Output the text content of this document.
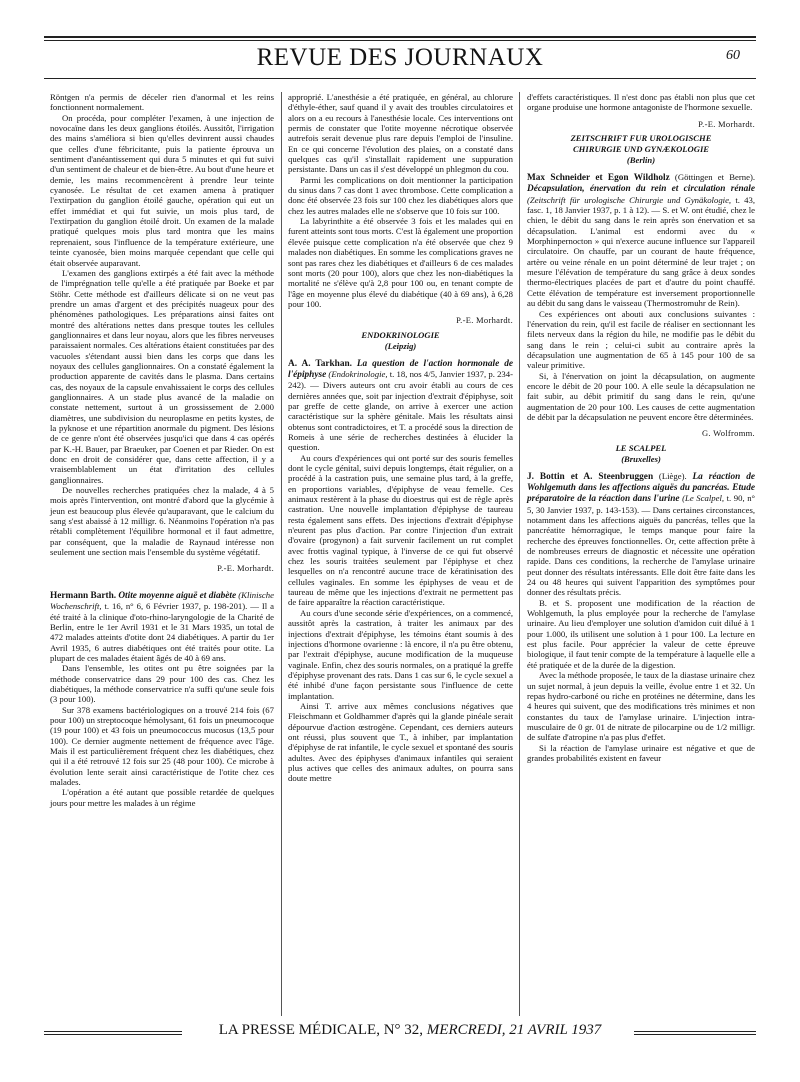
REVUE DES JOURNAUX	60

Röntgen n'a permis de déceler rien d'anormal et les reins fonctionnent normalement.

On procéda, pour compléter l'examen, à une injection de novocaïne dans les deux ganglions étoilés. Aussitôt, l'irrigation des mains s'améliora si bien qu'elles devinrent aussi chaudes que celles d'une fébricitante, puis la patiente éprouva un sentiment d'anéantissement qui dura 5 minutes et qui fut suivi d'un sentiment de chaleur et de bien-être. Au bout d'une heure et demie, les mains recommencèrent à prendre leur teinte cyanosée. Le résultat de cet examen amena à pratiquer l'extirpation du ganglion étoilé gauche, opération qui eut un effet immédiat et qui fut suivie, un mois plus tard, de l'extirpation du ganglion étoilé droit. Un examen de la malade pratiqué quelques mois plus tard montra que les mains reprenaient, sous l'influence de la température extérieure, une teinte cyanosée, bien moins marquée cependant que celle qui était observée auparavant.

L'examen des ganglions extirpés a été fait avec la méthode de l'imprégnation telle qu'elle a été pratiquée par Boeke et par Stöhr. Cette méthode est d'ailleurs délicate si on ne veut pas prendre un amas d'argent et des précipités nuageux pour des phénomènes pathologiques. Les préparations ainsi faites ont montré des altérations nettes dans presque toutes les cellules ganglionnaires et dans leur noyau, alors que les fibres nerveuses paraissaient normales. Ces altérations étaient constituées par des vacuoles s'étendant aussi bien dans les corps que dans les noyaux des cellules ganglionnaires. On a constaté également la production apparente de cavités dans le plasma. Dans certains cas, des noyaux de la capsule envahissaient le corps des cellules ganglionnaires. A un stade plus avancé de la maladie on constate nettement, surtout à un grossissement de 2.000 diamètres, une subdivision du neuroplasme en petits kystes, de la pyknose et une répartition anormale du pigment. Des lésions de ce genre n'ont été observées jusqu'ici que dans 4 cas opérés par K.-H. Bauer, par Braeuker, par Coenen et par Rieder. On est donc en droit de considérer que, dans cette affection, il y a vraisemblablement un état d'irritation des cellules ganglionnaires.

De nouvelles recherches pratiquées chez la malade, 4 à 5 mois après l'intervention, ont montré d'abord que la glycémie à jeun est beaucoup plus élevée qu'auparavant, que le calcium du sang s'est abaissé à 12 milligr. 6. Néanmoins l'opération n'a pas rétabli complètement l'équilibre hormonal et il faut admettre, par conséquent, que la maladie de Raynaud intéresse non seulement une section mais l'ensemble du système végétatif.

P.-E. Morhardt.

Hermann Barth. Otite moyenne aiguë et diabète (Klinische Wochenschrift, t. 16, n° 6, 6 Février 1937, p. 198-201). — Il a été traité à la clinique d'oto-rhino-laryngologie de la Charité de Berlin, entre le 1er Avril 1931 et le 31 Mars 1935, un total de 472 malades atteints d'otite dont 24 diabétiques. A partir du 1er Avril 1935, 6 autres diabétiques ont été traités pour otite. La plupart de ces malades étaient âgés de 40 à 69 ans.

Dans l'ensemble, les otites ont pu être soignées par la méthode conservatrice dans 29 pour 100 des cas. Chez les diabétiques, la méthode conservatrice n'a suffi qu'une seule fois (3 pour 100).

Sur 378 examens bactériologiques on a trouvé 214 fois (67 pour 100) un streptocoque hémolysant, 61 fois un pneumocoque (19 pour 100) et 43 fois un pneumococcus mucosus (13,5 pour 100). Ce dernier augmente nettement de fréquence avec l'âge. Mais il est particulièrement fréquent chez les diabétiques, chez qui il a été retrouvé 12 fois sur 25 (48 pour 100). Ce microbe à évolution lente serait ainsi caractéristique de l'otite chez ces malades.

L'opération a été autant que possible retardée de quelques jours pour mettre les malades à un régime

approprié. L'anesthésie a été pratiquée, en général, au chlorure d'éthyle-éther, sauf quand il y avait des troubles circulatoires et alors on a eu recours à l'anesthésie locale. Ces interventions ont permis de constater que l'otite moyenne nécrotique observée autrefois serait devenue plus rare depuis l'emploi de l'insuline. En ce qui concerne l'évolution des plaies, on a constaté dans quelques cas qu'il s'installait rapidement une suppuration persistante. Dans un cas il s'est développé un phlegmon du cou.

Parmi les complications on doit mentionner la participation du sinus dans 7 cas dont 1 avec thrombose. Cette complication a donc été observée 23 fois sur 100 chez les diabétiques alors que chez les autres malades elle ne s'observe que 10 fois sur 100.

La labyrinthite a été observée 3 fois et les malades qui en furent atteints sont tous morts. C'est là également une proportion élevée puisque cette complication n'a été observée que chez 9 malades non diabétiques. En somme les complications graves ne sont pas rares chez les diabétiques et d'ailleurs 6 de ces malades sont morts (20 pour 100), alors que chez les non-diabétiques la mortalité ne s'élève qu'à 2,8 pour 100 ou, en tenant compte de l'âge en moyenne plus élevé du diabétique (40 à 69 ans), à 6,28 pour 100.

P.-E. Morhardt.
ENDOKRINOLOGIE
(Leipzig)

A. A. Tarkhan. La question de l'action hormonale de l'épiphyse (Endokrinologie, t. 18, nos 4/5, Janvier 1937, p. 234-242). — Divers auteurs ont cru avoir établi au cours de ces dernières années que, soit par injection d'extrait d'épiphyse, soit par greffe de cette glande, on arrive à exercer une action caractéristique sur la sphère génitale. Mais les résultats ainsi obtenus sont contradictoires, et T. a procédé sous la direction de Romeis à une série de recherches destinées à élucider la question.

Au cours d'expériences qui ont porté sur des souris femelles dont le cycle génital, suivi depuis longtemps, était régulier, on a procédé à la castration puis, une semaine plus tard, à la greffe, en proportions variables, d'épiphyse de veau femelle. Ces animaux restèrent à la phase du dioestrus qui est de règle après castration. Une nouvelle implantation d'épiphyse de taureau resta également sans effets. Des injections d'extrait d'épiphyse n'eurent pas plus d'action. Par contre l'injection d'un extrait d'ovaire (progynon) a fait survenir facilement un rut complet avec frottis vaginal typique, à l'inverse de ce qui fut observé chez les souris traitées seulement par l'épiphyse et chez lesquelles on n'a rencontré aucune trace de kératinisation des cellules vaginales. En somme les épiphyses de veau et de taureau de même que les injections d'extrait ne permettent pas de faire apparaître la réaction caractéristique.

Au cours d'une seconde série d'expériences, on a commencé, aussitôt après la castration, à traiter les animaux par des injections d'extrait d'épiphyse, les témoins étant soumis à des injections d'hormone ovarienne : là encore, il n'a pu être obtenu, par l'extrait d'épiphyse, aucune modification de la muqueuse vaginale. Enfin, chez des souris normales, on a pratiqué la greffe d'épiphyse provenant des rats. Dans 1 cas sur 6, le cycle sexuel a été inhibé d'une façon persistante sous l'influence de cette implantation.

Ainsi T. arrive aux mêmes conclusions négatives que Fleischmann et Goldhammer d'après qui la glande pinéale serait dépourvue d'action œstrogène. Cependant, ces derniers auteurs ont réussi, plus souvent que T., à inhiber, par implantation d'épiphyse de rat infantile, le cycle sexuel et spontané des souris adultes. Avec des épiphyses d'animaux infantiles qui seraient plus actives que celles des animaux adultes, on pourra sans doute mettre

d'effets caractéristiques. Il n'est donc pas établi non plus que cet organe produise une hormone antagoniste de l'hormone sexuelle.

P.-E. Morhardt.
ZEITSCHRIFT FUR UROLOGISCHE
CHIRURGIE UND GYNÆKOLOGIE
(Berlin)

Max Schneider et Egon Wildholz (Göttingen et Berne). Décapsulation, énervation du rein et circulation rénale (Zeitschrift für urologische Chirurgie und Gynäkologie, t. 43, fasc. 1, 18 Janvier 1937, p. 1 à 12). — S. et W. ont étudié, chez le chien, le débit du sang dans le rein après son énervation et sa décapsulation. L'animal est endormi avec du « Morphinpernocton » qui n'exerce aucune influence sur l'appareil circulatoire. On chauffe, par un courant de haute fréquence, artère ou veine rénale en un point déterminé de leur trajet ; on mesure l'élévation de température du sang grâce à deux sondes thermo-électriques placées de part et d'autre du point chauffé. Cette élévation de température est inversement proportionnelle au débit du sang dans le vaisseau (Thermostromuhr de Rein).

Ces expériences ont abouti aux conclusions suivantes : l'énervation du rein, qu'il est facile de réaliser en sectionnant les filets nerveux dans la région du hile, ne modifie pas le débit du sang dans le rein ; celui-ci subit au contraire après la décapsulation une augmentation de 65 à 145 pour 100 de sa valeur primitive.

Si, à l'énervation on joint la décapsulation, on augmente encore le débit de 20 pour 100. A elle seule la décapsulation ne fait subir, au débit primitif du sang dans le rein, qu'une augmentation de 20 pour 100. Les causes de cette augmentation de débit par la décapsulation ne peuvent encore être déterminées.

G. Wolfromm.
LE SCALPEL
(Bruxelles)

J. Bottin et A. Steenbruggen (Liège). La réaction de Wohlgemuth dans les affections aiguës du pancréas. Etude préparatoire de la réaction dans l'urine (Le Scalpel, t. 90, n° 5, 30 Janvier 1937, p. 143-153). — Dans certaines circonstances, notamment dans les affections aiguës du pancréas, telles que la pancréatite hémorragique, le temps manque pour faire la recherche des épreuves fonctionnelles. Or, cette affection prête à de nombreuses erreurs de diagnostic et nécessite une opération rapide. Dans ces conditions, la recherche de l'amylase urinaire peut donner des résultats intéressants. Elle doit être faite dans les 24 ou 48 heures qui suivent l'apparition des symptômes pour donner des résultats précis.

B. et S. proposent une modification de la réaction de Wohlgemuth, la plus employée pour la recherche de l'amylase urinaire. Au lieu d'employer une solution d'amidon cuit dilué à 1 pour 1.000, ils utilisent une solution à 1 pour 100. La lecture en est plus facile. Pour apprécier la valeur de cette épreuve biologique, il faut tenir compte de la température à laquelle elle a été pratiquée et de la durée de la digestion.

Avec la méthode proposée, le taux de la diastase urinaire chez un sujet normal, à jeun depuis la veille, évolue entre 1 et 32. Un repas hydro-carboné ou riche en protéines ne détermine, dans les 4 heures qui suivent, que des modifications très minimes et non constantes du taux de l'amylase urinaire. L'injection intra-musculaire de 0 gr. 01 de nitrate de pilocarpine ou de 1/2 milligr. de sulfate d'atropine n'a pas plus d'effet.

Si la réaction de l'amylase urinaire est négative et que de grandes probabilités existent en faveur

LA PRESSE MÉDICALE, N° 32, MERCREDI, 21 AVRIL 1937
